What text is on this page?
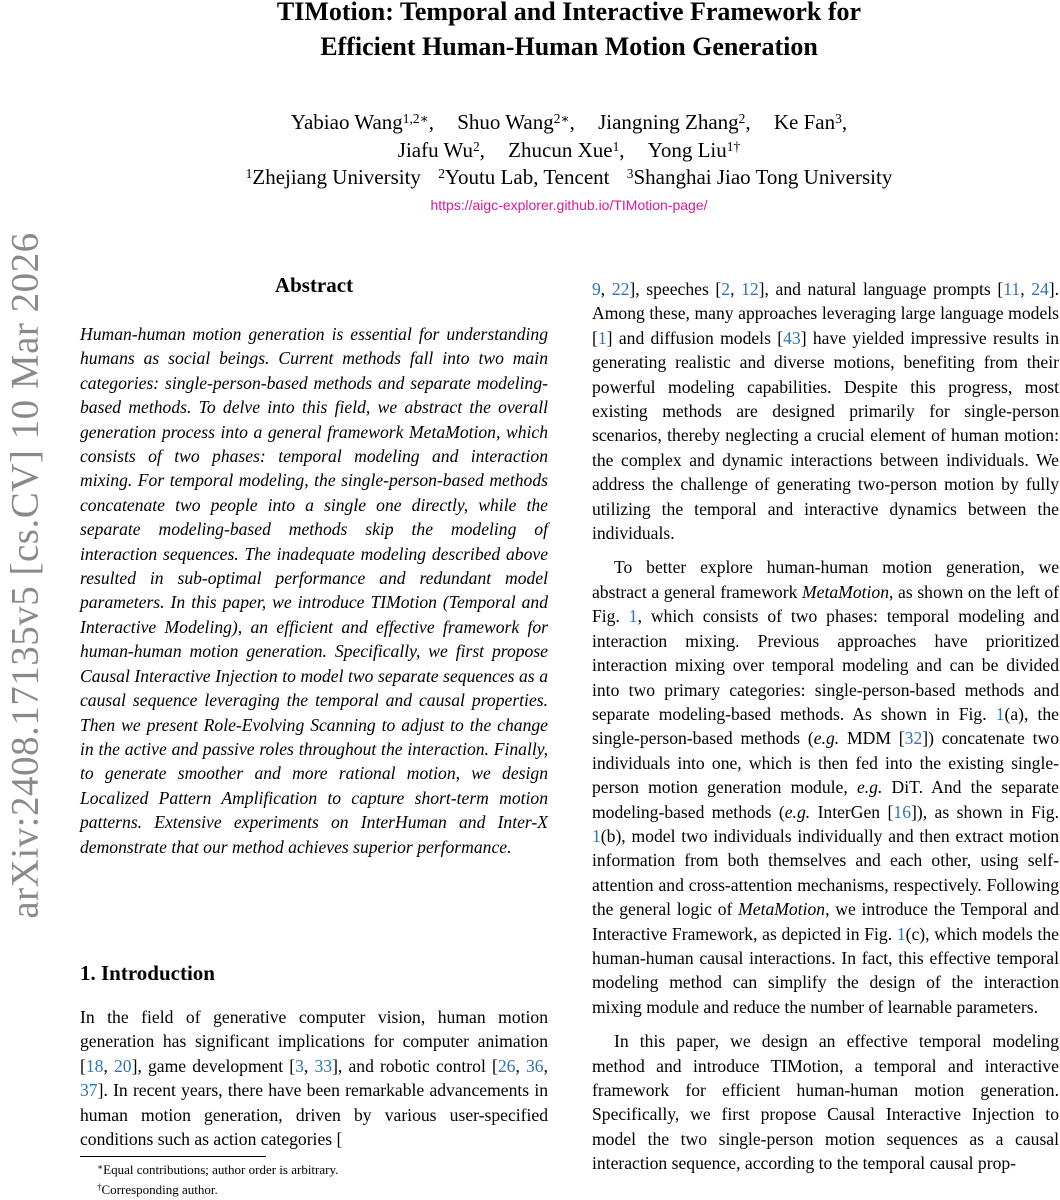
arXiv:2408.17135v5 [cs.CV] 10 Mar 2026
TIMotion: Temporal and Interactive Framework for
Efficient Human-Human Motion Generation
Yabiao Wang$^{1,2∗}$, Shuo Wang$^{2∗}$, Jiangning Zhang$^2$, Ke Fan$^3$,
Jiafu Wu$^2$, Zhucun Xue$^1$, Yong Liu$^{1\dagger}$
$^1$Zhejiang University $^2$Youtu Lab, Tencent $^3$Shanghai Jiao Tong University
https://aigc-explorer.github.io/TIMotion-page/
Abstract

Human-human motion generation is essential for understanding humans as social beings. Current methods fall into two main categories: single-person-based methods and separate modeling-based methods. To delve into this field, we abstract the overall generation process into a general framework MetaMotion, which consists of two phases: temporal modeling and interaction mixing. For temporal modeling, the single-person-based methods concatenate two people into a single one directly, while the separate modeling-based methods skip the modeling of interaction sequences. The inadequate modeling described above resulted in sub-optimal performance and redundant model parameters. In this paper, we introduce TIMotion (Temporal and Interactive Modeling), an efficient and effective framework for human-human motion generation. Specifically, we first propose Causal Interactive Injection to model two separate sequences as a causal sequence leveraging the temporal and causal properties. Then we present Role-Evolving Scanning to adjust to the change in the active and passive roles throughout the interaction. Finally, to generate smoother and more rational motion, we design Localized Pattern Amplification to capture short-term motion patterns. Extensive experiments on InterHuman and Inter-X demonstrate that our method achieves superior performance.

1. Introduction

In the field of generative computer vision, human motion generation has significant implications for computer animation [18, 20], game development [3, 33], and robotic control [26, 36, 37]. In recent years, there have been remarkable advancements in human motion generation, driven by various user-specified conditions such as action categories [

9, 22], speeches [2, 12], and natural language prompts [11, 24]. Among these, many approaches leveraging large language models [1] and diffusion models [43] have yielded impressive results in generating realistic and diverse motions, benefiting from their powerful modeling capabilities. Despite this progress, most existing methods are designed primarily for single-person scenarios, thereby neglecting a crucial element of human motion: the complex and dynamic interactions between individuals. We address the challenge of generating two-person motion by fully utilizing the temporal and interactive dynamics between the individuals.

To better explore human-human motion generation, we abstract a general framework MetaMotion, as shown on the left of Fig. 1, which consists of two phases: temporal modeling and interaction mixing. Previous approaches have prioritized interaction mixing over temporal modeling and can be divided into two primary categories: single-person-based methods and separate modeling-based methods. As shown in Fig. 1(a), the single-person-based methods (e.g. MDM [32]) concatenate two individuals into one, which is then fed into the existing single-person motion generation module, e.g. DiT. And the separate modeling-based methods (e.g. InterGen [16]), as shown in Fig. 1(b), model two individuals individually and then extract motion information from both themselves and each other, using self-attention and cross-attention mechanisms, respectively. Following the general logic of MetaMotion, we introduce the Temporal and Interactive Framework, as depicted in Fig. 1(c), which models the human-human causal interactions. In fact, this effective temporal modeling method can simplify the design of the interaction mixing module and reduce the number of learnable parameters.

In this paper, we design an effective temporal modeling method and introduce TIMotion, a temporal and interactive framework for efficient human-human motion generation. Specifically, we first propose Causal Interactive Injection to model the two single-person motion sequences as a causal interaction sequence, according to the temporal causal prop-

∗Equal contributions; author order is arbitrary.
†Corresponding author.
